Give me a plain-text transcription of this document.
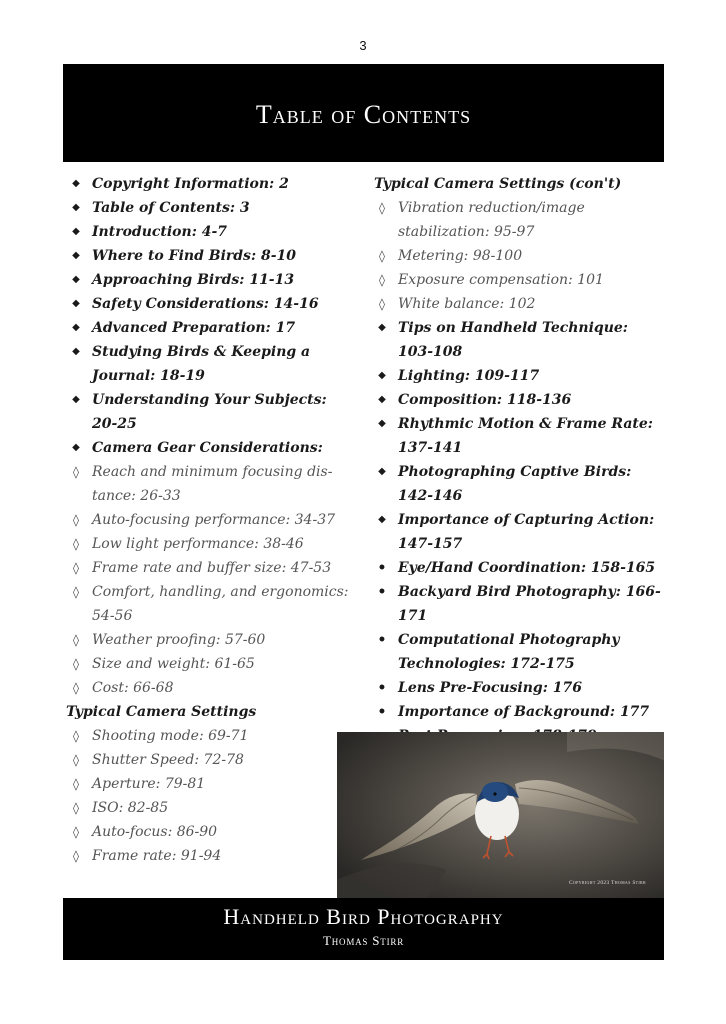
3
Table of Contents
◆ Copyright Information: 2
◆ Table of Contents: 3
◆ Introduction: 4-7
◆ Where to Find Birds: 8-10
◆ Approaching Birds: 11-13
◆ Safety Considerations: 14-16
◆ Advanced Preparation: 17
◆ Studying Birds & Keeping a Journal: 18-19
◆ Understanding Your Subjects: 20-25
◆ Camera Gear Considerations:
◊ Reach and minimum focusing dis-tance: 26-33
◊ Auto-focusing performance: 34-37
◊ Low light performance: 38-46
◊ Frame rate and buffer size: 47-53
◊ Comfort, handling, and ergonomics: 54-56
◊ Weather proofing: 57-60
◊ Size and weight: 61-65
◊ Cost: 66-68
Typical Camera Settings
◊ Shooting mode: 69-71
◊ Shutter Speed: 72-78
◊ Aperture: 79-81
◊ ISO: 82-85
◊ Auto-focus: 86-90
◊ Frame rate: 91-94
Typical Camera Settings (con't)
◊ Vibration reduction/image stabilization: 95-97
◊ Metering: 98-100
◊ Exposure compensation: 101
◊ White balance: 102
◆ Tips on Handheld Technique: 103-108
◆ Lighting: 109-117
◆ Composition: 118-136
◆ Rhythmic Motion & Frame Rate: 137-141
◆ Photographing Captive Birds: 142-146
◆ Importance of Capturing Action: 147-157
• Eye/Hand Coordination: 158-165
• Backyard Bird Photography: 166-171
• Computational Photography Technologies: 172-175
• Lens Pre-Focusing: 176
• Importance of Background: 177
Copyright 2023 Thomas Stirr
Handheld Bird Photography
Thomas Stirr
